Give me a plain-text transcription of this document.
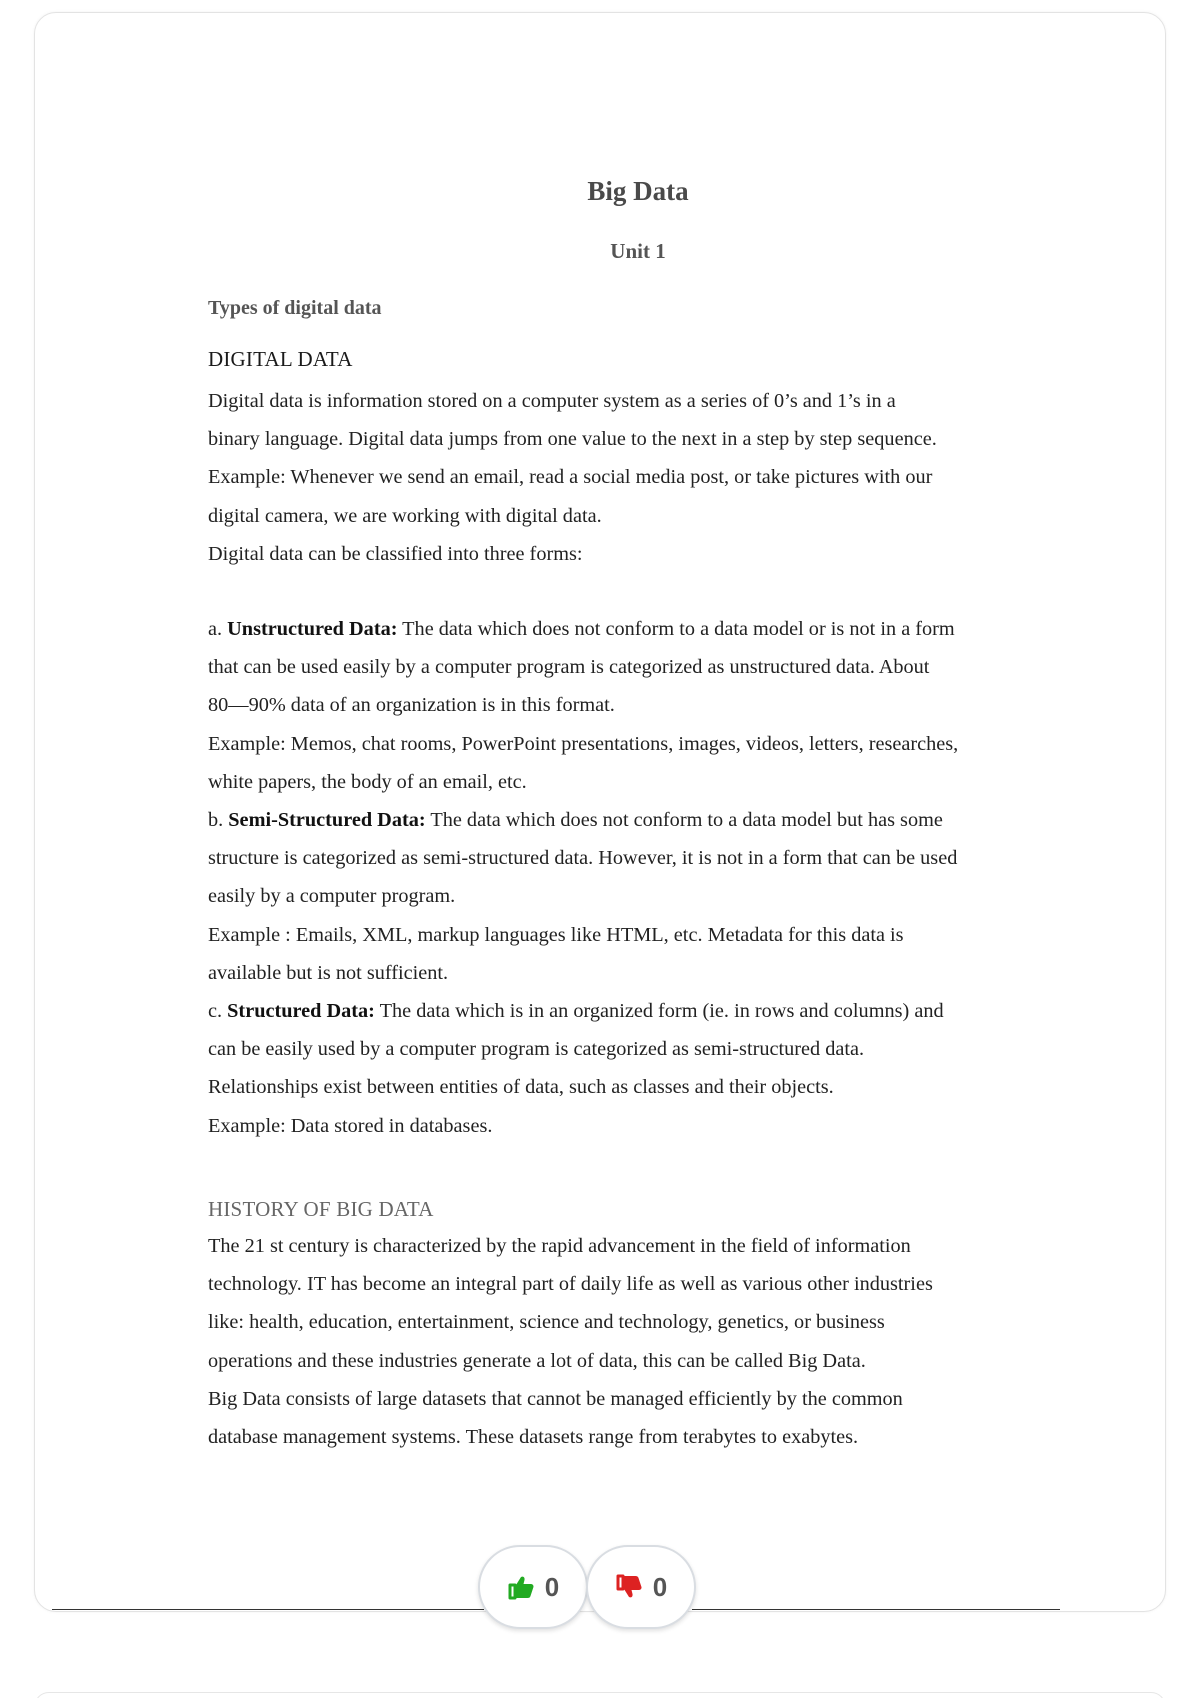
Big Data
Unit 1
Types of digital data
DIGITAL DATA

Digital data is information stored on a computer system as a series of 0’s and 1’s in a

binary language. Digital data jumps from one value to the next in a step by step sequence.

Example: Whenever we send an email, read a social media post, or take pictures with our

digital camera, we are working with digital data.

Digital data can be classified into three forms:

a. Unstructured Data: The data which does not conform to a data model or is not in a form

that can be used easily by a computer program is categorized as unstructured data. About

80—90% data of an organization is in this format.

Example: Memos, chat rooms, PowerPoint presentations, images, videos, letters, researches,

white papers, the body of an email, etc.

b. Semi-Structured Data: The data which does not conform to a data model but has some

structure is categorized as semi-structured data. However, it is not in a form that can be used

easily by a computer program.

Example : Emails, XML, markup languages like HTML, etc. Metadata for this data is

available but is not sufficient.

c. Structured Data: The data which is in an organized form (ie. in rows and columns) and

can be easily used by a computer program is categorized as semi-structured data.

Relationships exist between entities of data, such as classes and their objects.

Example: Data stored in databases.

HISTORY OF BIG DATA

The 21 st century is characterized by the rapid advancement in the field of information

technology. IT has become an integral part of daily life as well as various other industries

like: health, education, entertainment, science and technology, genetics, or business

operations and these industries generate a lot of data, this can be called Big Data.

Big Data consists of large datasets that cannot be managed efficiently by the common

database management systems. These datasets range from terabytes to exabytes.

0	0
